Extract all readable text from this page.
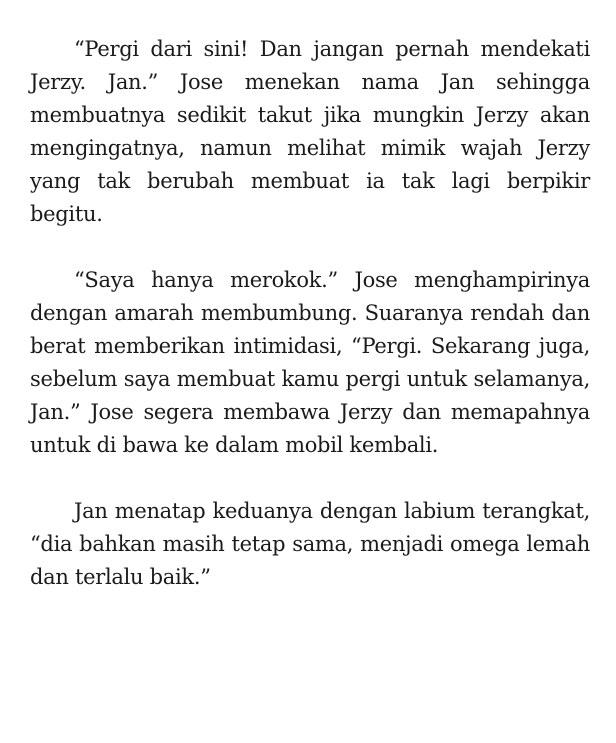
“Pergi dari sini! Dan jangan pernah mendekati Jerzy. Jan.” Jose menekan nama Jan sehingga membuatnya sedikit takut jika mungkin Jerzy akan mengingatnya, namun melihat mimik wajah Jerzy yang tak berubah membuat ia tak lagi berpikir begitu.

“Saya hanya merokok.” Jose menghampirinya dengan amarah membumbung. Suaranya rendah dan berat memberikan intimidasi, “Pergi. Sekarang juga, sebelum saya membuat kamu pergi untuk selamanya, Jan.” Jose segera membawa Jerzy dan memapahnya untuk di bawa ke dalam mobil kembali.

Jan menatap keduanya dengan labium terangkat, “dia bahkan masih tetap sama, menjadi omega lemah dan terlalu baik.”
